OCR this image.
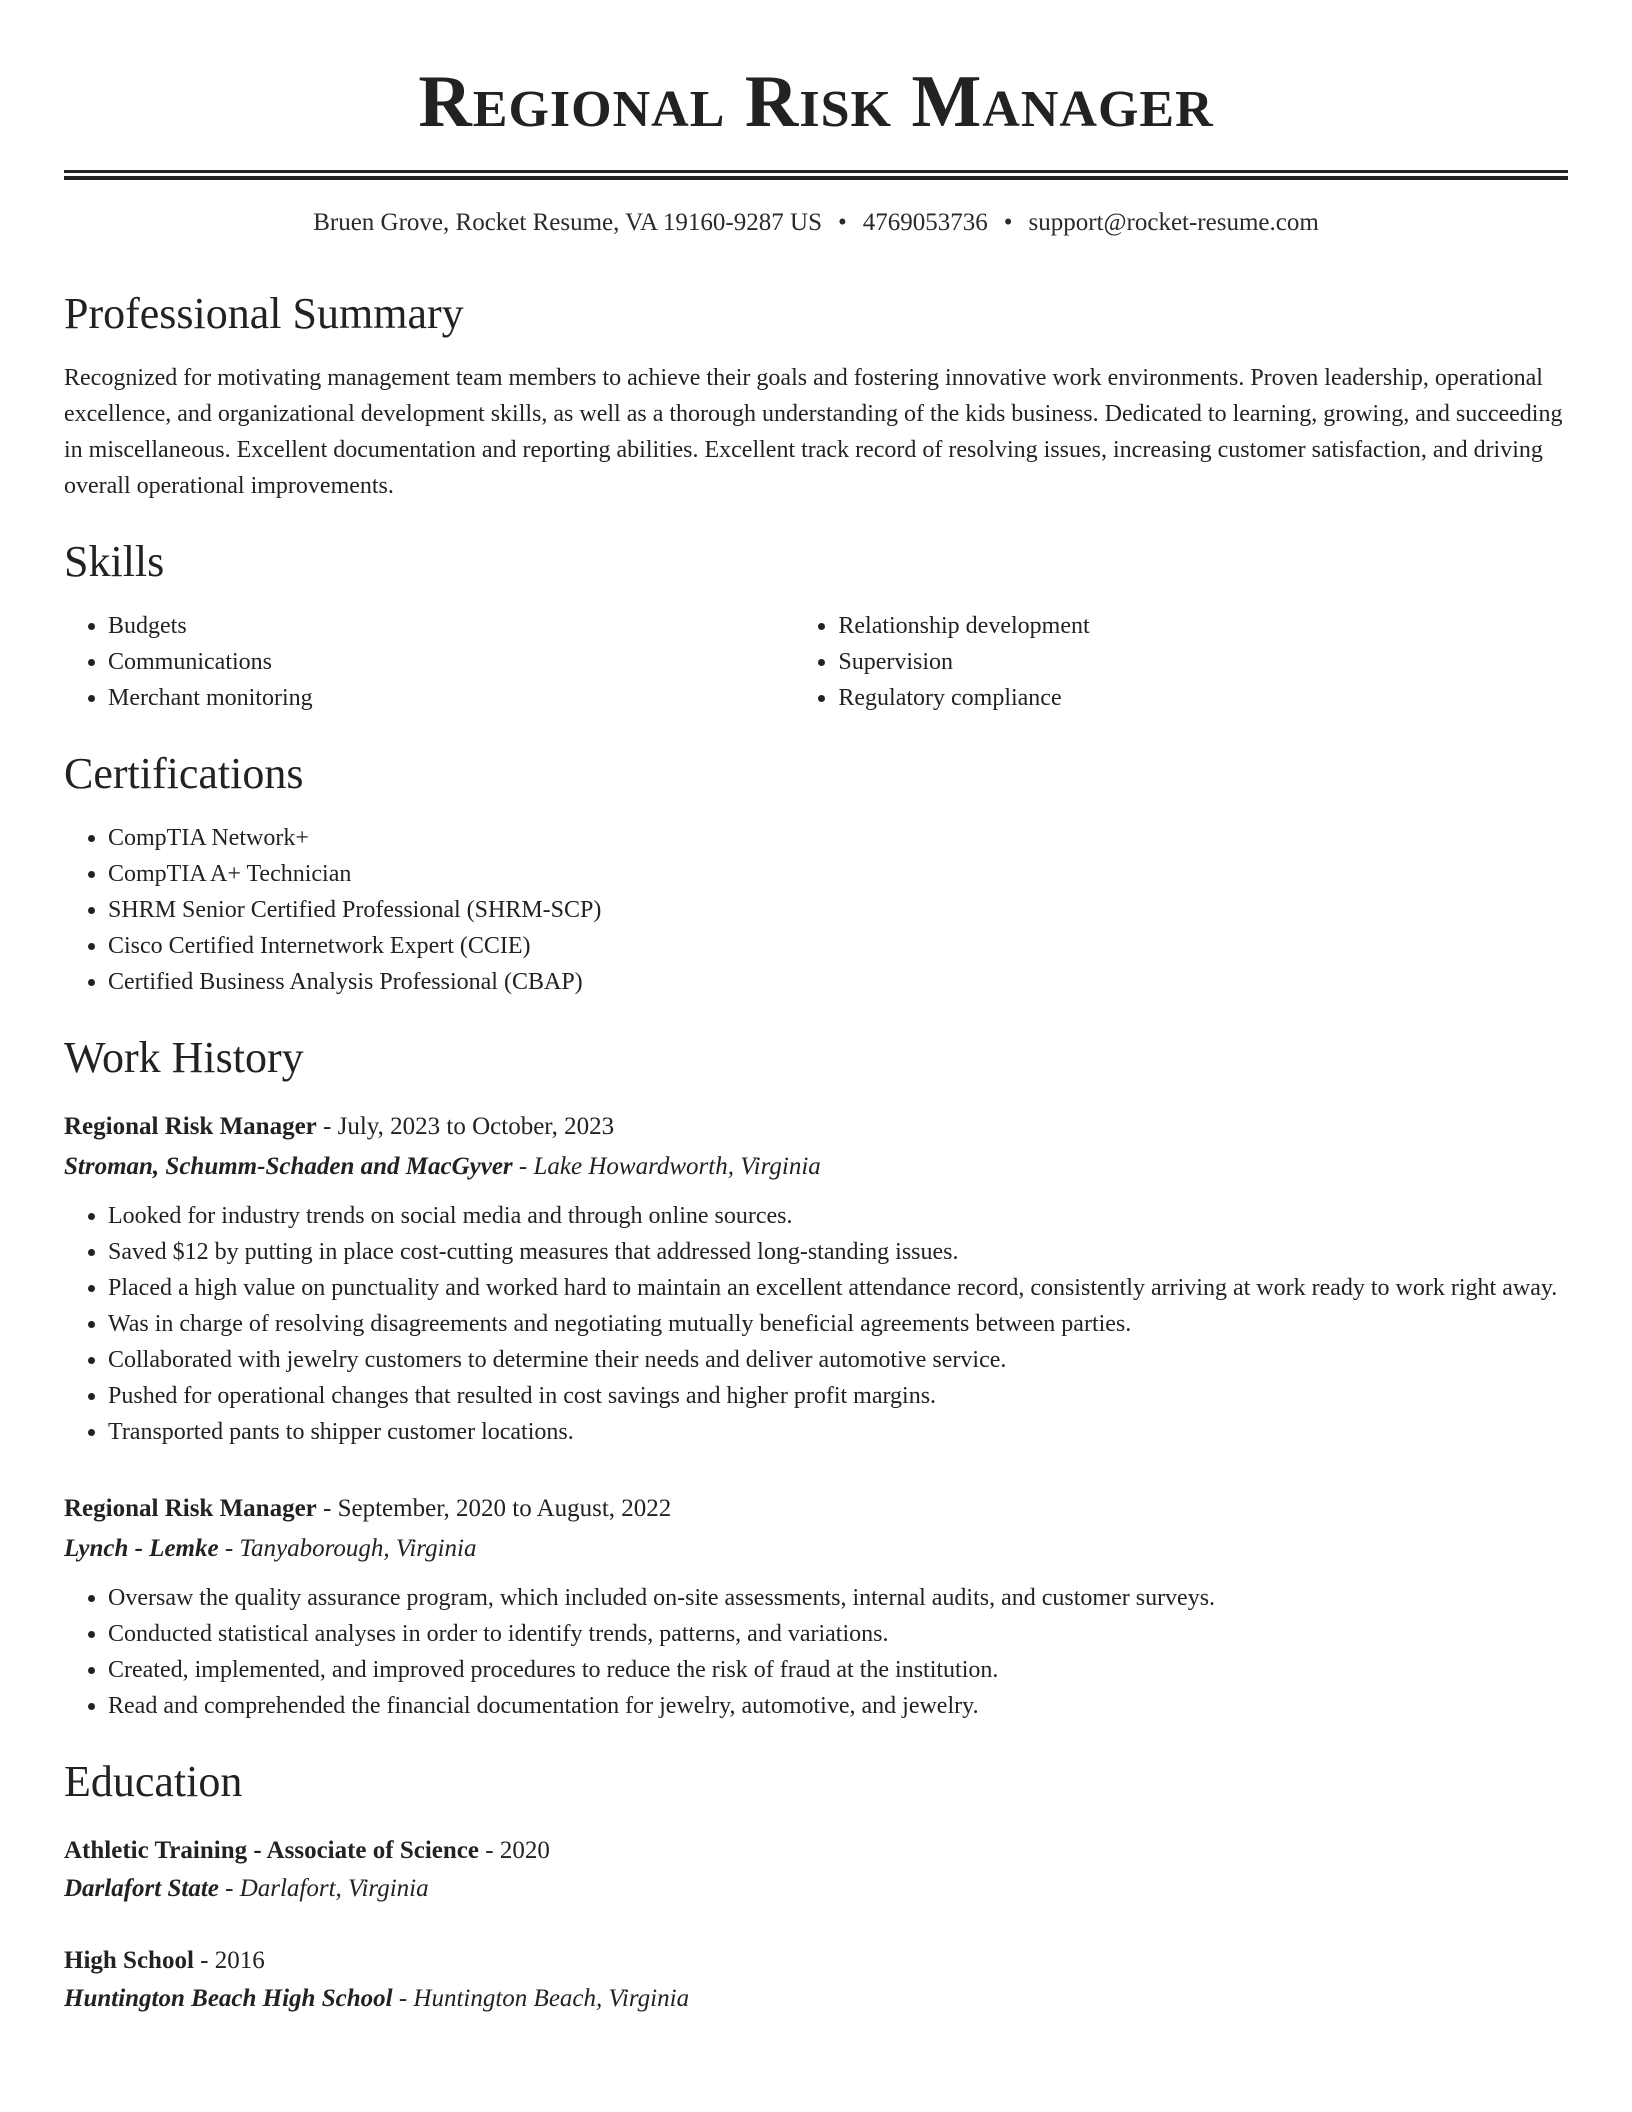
Regional Risk Manager
Bruen Grove, Rocket Resume, VA 19160-9287 US • 4769053736 • support@rocket-resume.com
Professional Summary

Recognized for motivating management team members to achieve their goals and fostering innovative work environments. Proven leadership, operational excellence, and organizational development skills, as well as a thorough understanding of the kids business. Dedicated to learning, growing, and succeeding in miscellaneous. Excellent documentation and reporting abilities. Excellent track record of resolving issues, increasing customer satisfaction, and driving overall operational improvements.

Skills
• Budgets
• Communications
• Merchant monitoring
• Relationship development
• Supervision
• Regulatory compliance
Certifications
• CompTIA Network+
• CompTIA A+ Technician
• SHRM Senior Certified Professional (SHRM-SCP)
• Cisco Certified Internetwork Expert (CCIE)
• Certified Business Analysis Professional (CBAP)
Work History
Regional Risk Manager - July, 2023 to October, 2023
Stroman, Schumm-Schaden and MacGyver - Lake Howardworth, Virginia
• Looked for industry trends on social media and through online sources.
• Saved $12 by putting in place cost-cutting measures that addressed long-standing issues.
• Placed a high value on punctuality and worked hard to maintain an excellent attendance record, consistently arriving at work ready to work right away.
• Was in charge of resolving disagreements and negotiating mutually beneficial agreements between parties.
• Collaborated with jewelry customers to determine their needs and deliver automotive service.
• Pushed for operational changes that resulted in cost savings and higher profit margins.
• Transported pants to shipper customer locations.
Regional Risk Manager - September, 2020 to August, 2022
Lynch - Lemke - Tanyaborough, Virginia
• Oversaw the quality assurance program, which included on-site assessments, internal audits, and customer surveys.
• Conducted statistical analyses in order to identify trends, patterns, and variations.
• Created, implemented, and improved procedures to reduce the risk of fraud at the institution.
• Read and comprehended the financial documentation for jewelry, automotive, and jewelry.
Education
Athletic Training - Associate of Science - 2020
Darlafort State - Darlafort, Virginia
High School - 2016
Huntington Beach High School - Huntington Beach, Virginia
